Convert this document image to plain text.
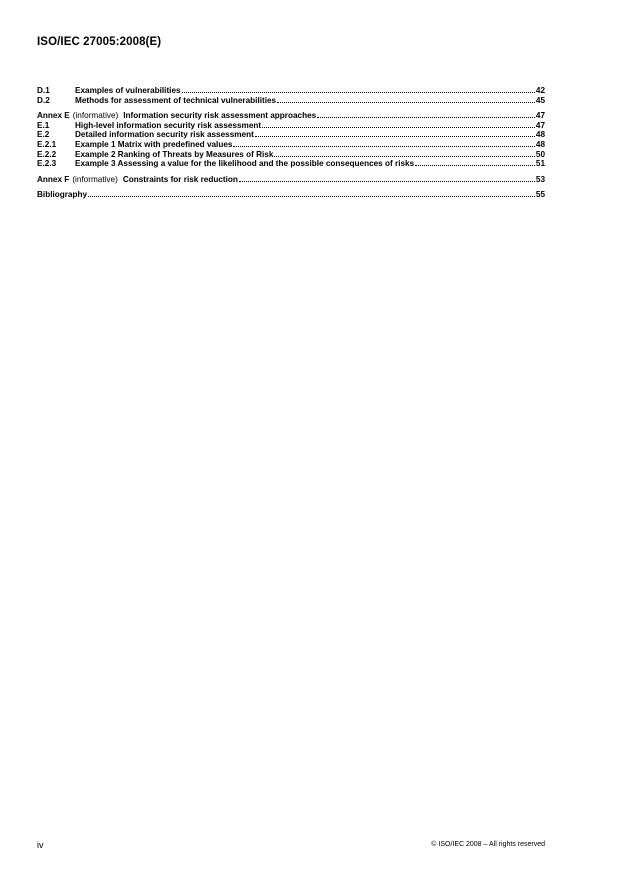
ISO/IEC 27005:2008(E)
D.1	Examples of vulnerabilities	42
D.2	Methods for assessment of technical vulnerabilities	45
Annex E (informative) Information security risk assessment approaches	47
E.1	High-level information security risk assessment	47
E.2	Detailed information security risk assessment	48
E.2.1	Example 1 Matrix with predefined values	48
E.2.2	Example 2 Ranking of Threats by Measures of Risk	50
E.2.3	Example 3 Assessing a value for the likelihood and the possible consequences of risks	51
Annex F (informative) Constraints for risk reduction	53
Bibliography	55
iv	© ISO/IEC 2008 – All rights reserved
